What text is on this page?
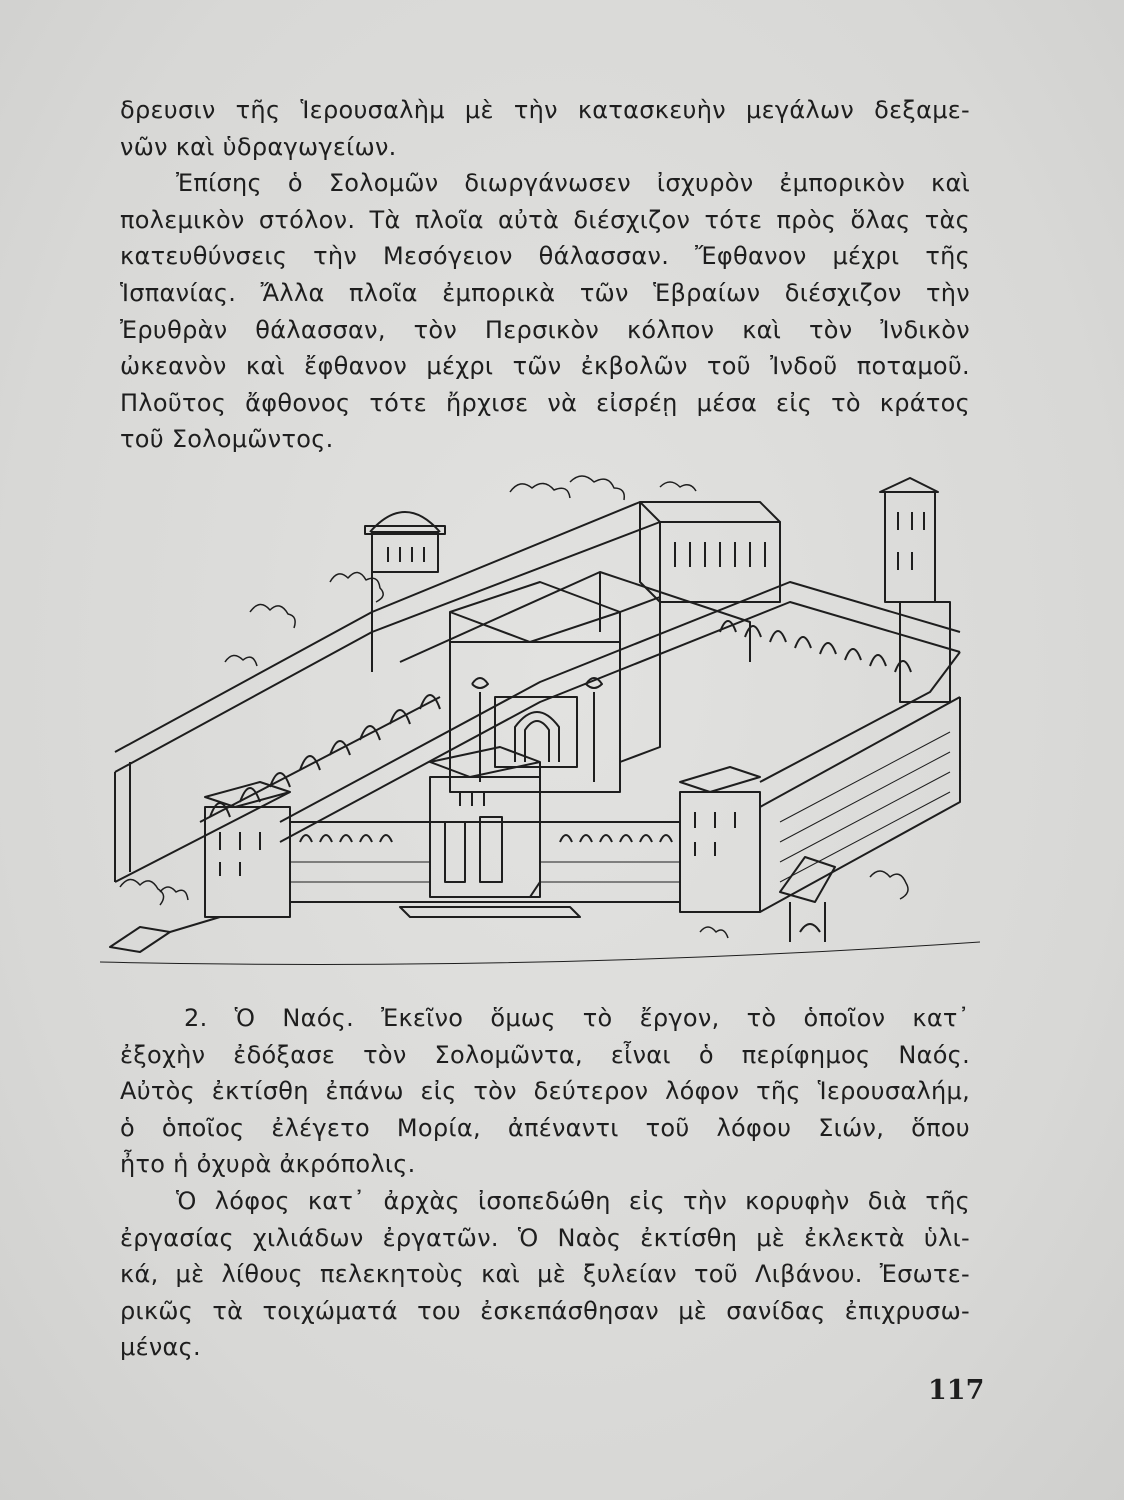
δρευσιν τῆς Ἱερουσαλὴμ μὲ τὴν κατασκευὴν μεγάλων δεξαμε-
νῶν καὶ ὑδραγωγείων.
Ἐπίσης ὁ Σολομῶν διωργάνωσεν ἰσχυρὸν ἐμπορικὸν καὶ
πολεμικὸν στόλον. Τὰ πλοῖα αὐτὰ διέσχιζον τότε πρὸς ὅλας τὰς
κατευθύνσεις τὴν Μεσόγειον θάλασσαν. Ἔφθανον μέχρι τῆς
Ἱσπανίας. Ἄλλα πλοῖα ἐμπορικὰ τῶν Ἑβραίων διέσχιζον τὴν
Ἐρυθρὰν θάλασσαν, τὸν Περσικὸν κόλπον καὶ τὸν Ἰνδικὸν
ὠκεανὸν καὶ ἔφθανον μέχρι τῶν ἐκβολῶν τοῦ Ἰνδοῦ ποταμοῦ.
Πλοῦτος ἄφθονος τότε ἤρχισε νὰ εἰσρέῃ μέσα εἰς τὸ κράτος
τοῦ Σολομῶντος.
2. Ὁ Ναός. Ἐκεῖνο ὅμως τὸ ἔργον, τὸ ὁποῖον κατ᾽
ἐξοχὴν ἐδόξασε τὸν Σολομῶντα, εἶναι ὁ περίφημος Ναός.
Αὐτὸς ἐκτίσθη ἐπάνω εἰς τὸν δεύτερον λόφον τῆς Ἱερουσαλήμ,
ὁ ὁποῖος ἐλέγετο Μορία, ἀπέναντι τοῦ λόφου Σιών, ὅπου
ἦτο ἡ ὀχυρὰ ἀκρόπολις.
Ὁ λόφος κατ᾽ ἀρχὰς ἰσοπεδώθη εἰς τὴν κορυφὴν διὰ τῆς
ἐργασίας χιλιάδων ἐργατῶν. Ὁ Ναὸς ἐκτίσθη μὲ ἐκλεκτὰ ὑλι-
κά, μὲ λίθους πελεκητοὺς καὶ μὲ ξυλείαν τοῦ Λιβάνου. Ἐσωτε-
ρικῶς τὰ τοιχώματά του ἐσκεπάσθησαν μὲ σανίδας ἐπιχρυσω-
μένας.
117
